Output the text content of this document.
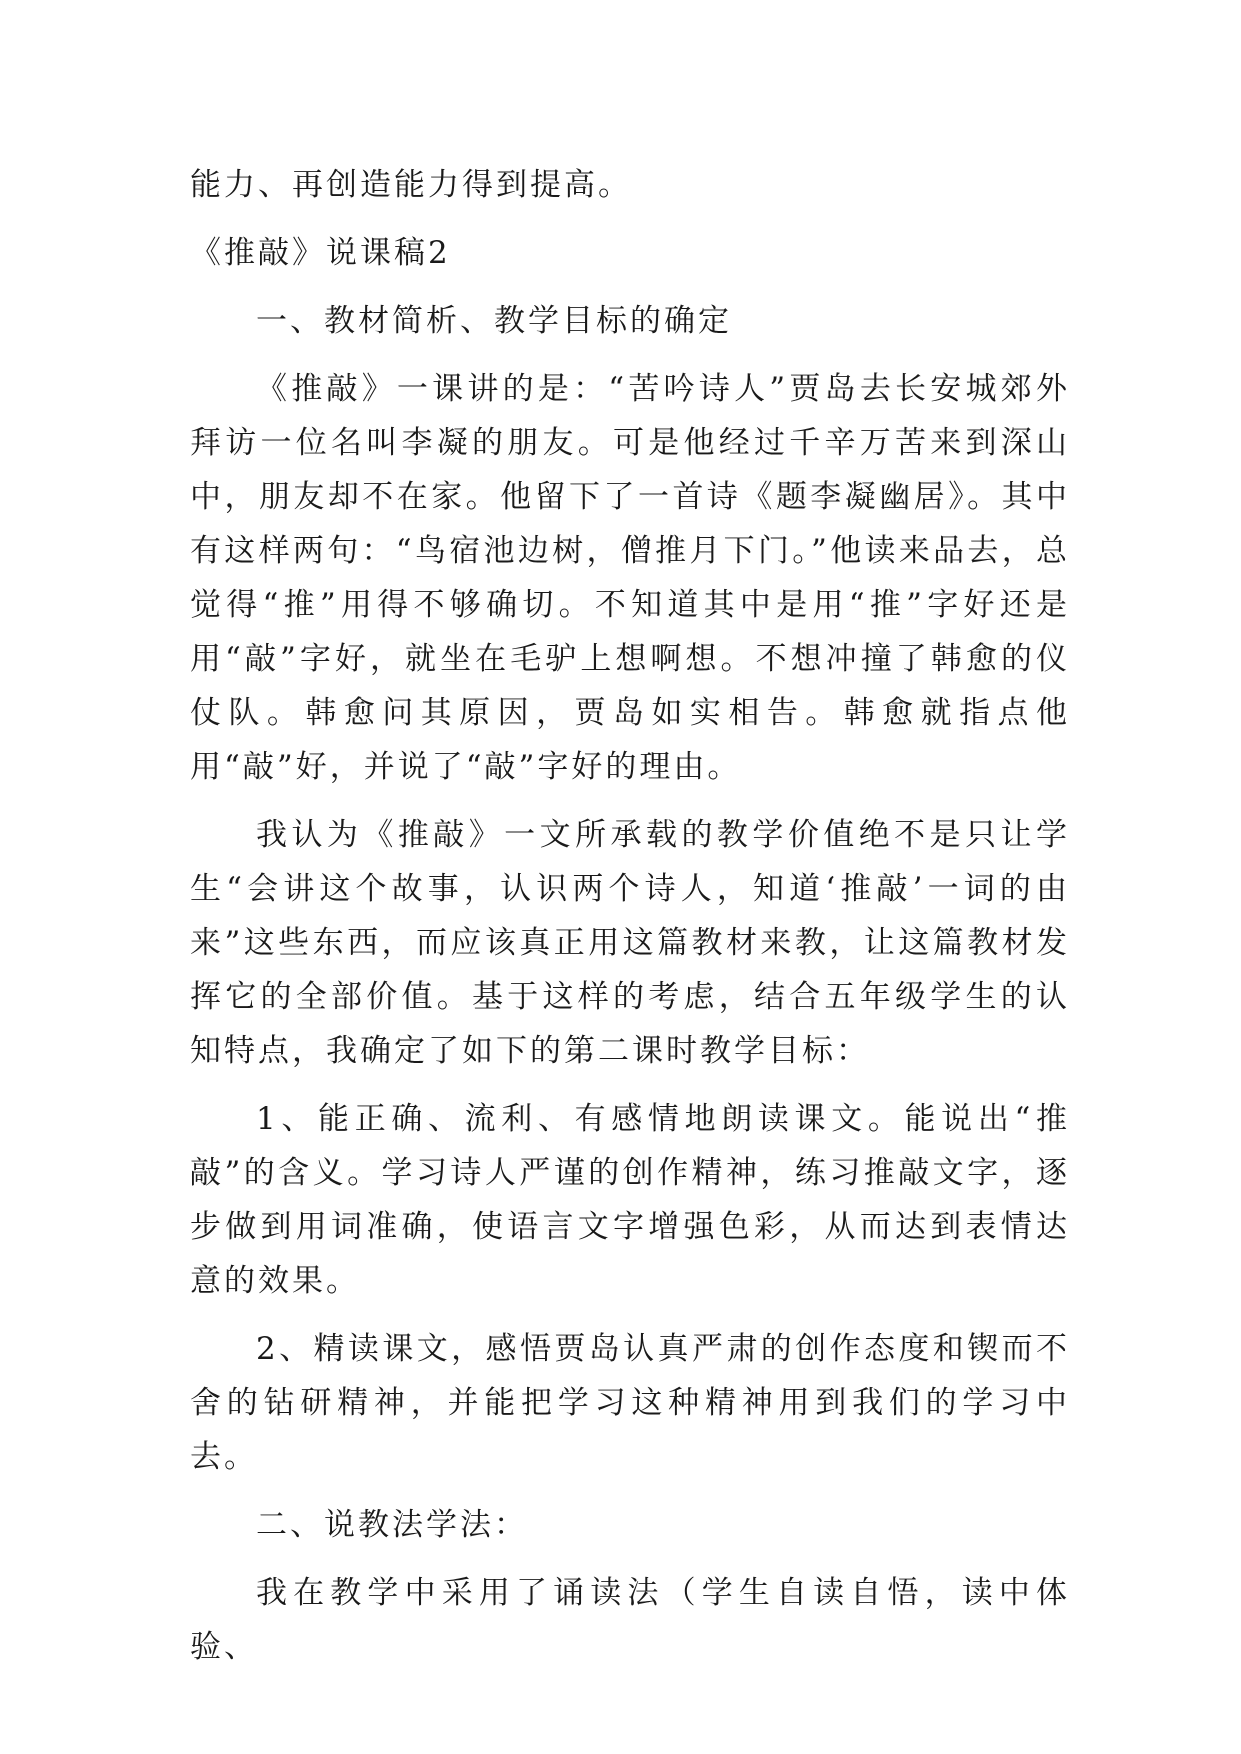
能力、再创造能力得到提高。

《推敲》说课稿2

一、教材简析、教学目标的确定

《推敲》一课讲的是：“苦吟诗人”贾岛去长安城郊外拜访一位名叫李凝的朋友。可是他经过千辛万苦来到深山中，朋友却不在家。他留下了一首诗《题李凝幽居》。其中有这样两句：“鸟宿池边树，僧推月下门。”他读来品去，总觉得“推”用得不够确切。不知道其中是用“推”字好还是用“敲”字好，就坐在毛驴上想啊想。不想冲撞了韩愈的仪仗队。韩愈问其原因，贾岛如实相告。韩愈就指点他用“敲”好，并说了“敲”字好的理由。

我认为《推敲》一文所承载的教学价值绝不是只让学生“会讲这个故事，认识两个诗人，知道‘推敲’一词的由来”这些东西，而应该真正用这篇教材来教，让这篇教材发挥它的全部价值。基于这样的考虑，结合五年级学生的认知特点，我确定了如下的第二课时教学目标：

1、能正确、流利、有感情地朗读课文。能说出“推敲”的含义。学习诗人严谨的创作精神，练习推敲文字，逐步做到用词准确，使语言文字增强色彩，从而达到表情达意的效果。

2、精读课文，感悟贾岛认真严肃的创作态度和锲而不舍的钻研精神，并能把学习这种精神用到我们的学习中去。

二、说教法学法：

我在教学中采用了诵读法（学生自读自悟，读中体验、
